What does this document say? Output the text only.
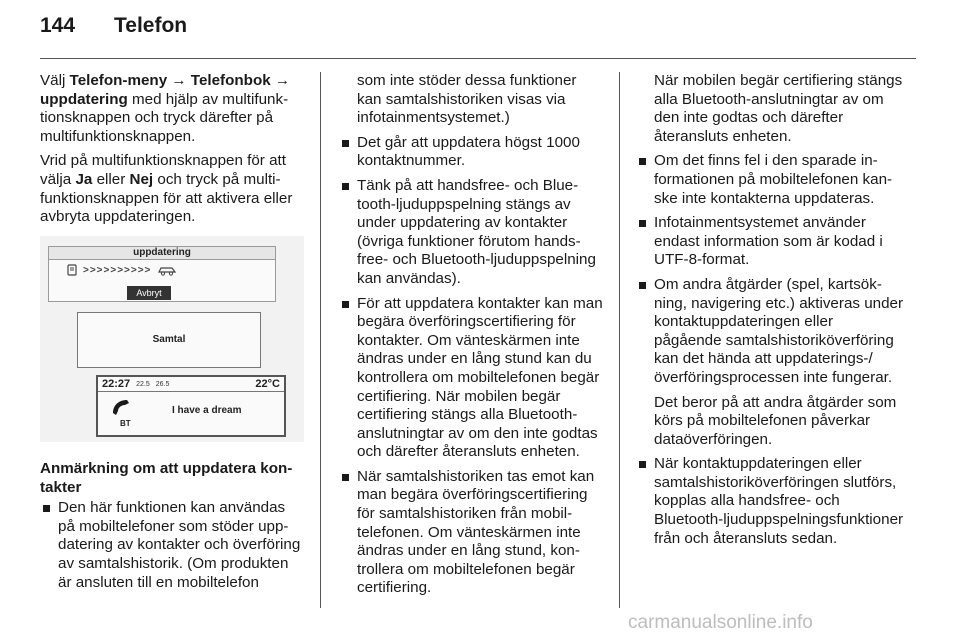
144	Telefon

Välj Telefon-meny → Telefonbok → uppdatering med hjälp av multifunktionsknappen och tryck därefter på multifunktionsknappen.

Vrid på multifunktionsknappen för att välja Ja eller Nej och tryck på multifunktionsknappen för att aktivera eller avbryta uppdateringen.

uppdatering
>>>>>>>>>>
Avbryt
Samtal
22:27 22.5 26.5	22°C
I have a dream
BT
Anmärkning om att uppdatera kontakter
Den här funktionen kan användas på mobiltelefoner som stöder uppdatering av kontakter och överföring av samtalshistorik. (Om produkten är ansluten till en mobiltelefon

som inte stöder dessa funktioner kan samtalshistoriken visas via infotainmentsystemet.)

Det går att uppdatera högst 1000 kontaktnummer.
Tänk på att handsfree- och Bluetooth-ljuduppspelning stängs av under uppdatering av kontakter (övriga funktioner förutom handsfree- och Bluetooth-ljuduppspelning kan användas).
För att uppdatera kontakter kan man begära överföringscertifiering för kontakter. Om vänteskärmen inte ändras under en lång stund kan du kontrollera om mobiltelefonen begär certifiering. När mobilen begär certifiering stängs alla Bluetooth-anslutningtar av om den inte godtas och därefter återansluts enheten.
När samtalshistoriken tas emot kan man begära överföringscertifiering för samtalshistoriken från mobiltelefonen. Om vänteskärmen inte ändras under en lång stund, kontrollera om mobiltelefonen begär certifiering.

När mobilen begär certifiering stängs alla Bluetooth-anslutningtar av om den inte godtas och därefter återansluts enheten.

Om det finns fel i den sparade informationen på mobiltelefonen kanske inte kontakterna uppdateras.
Infotainmentsystemet använder endast information som är kodad i UTF-8-format.
Om andra åtgärder (spel, kartsökning, navigering etc.) aktiveras under kontaktuppdateringen eller pågående samtalshistoriköverföring kan det hända att uppdaterings-/överföringsprocessen inte fungerar.
Det beror på att andra åtgärder som körs på mobiltelefonen påverkar dataöverföringen.
När kontaktuppdateringen eller samtalshistoriköverföringen slutförs, kopplas alla handsfree- och Bluetooth-ljuduppspelningsfunktioner från och återansluts sedan.
carmanualsonline.info
